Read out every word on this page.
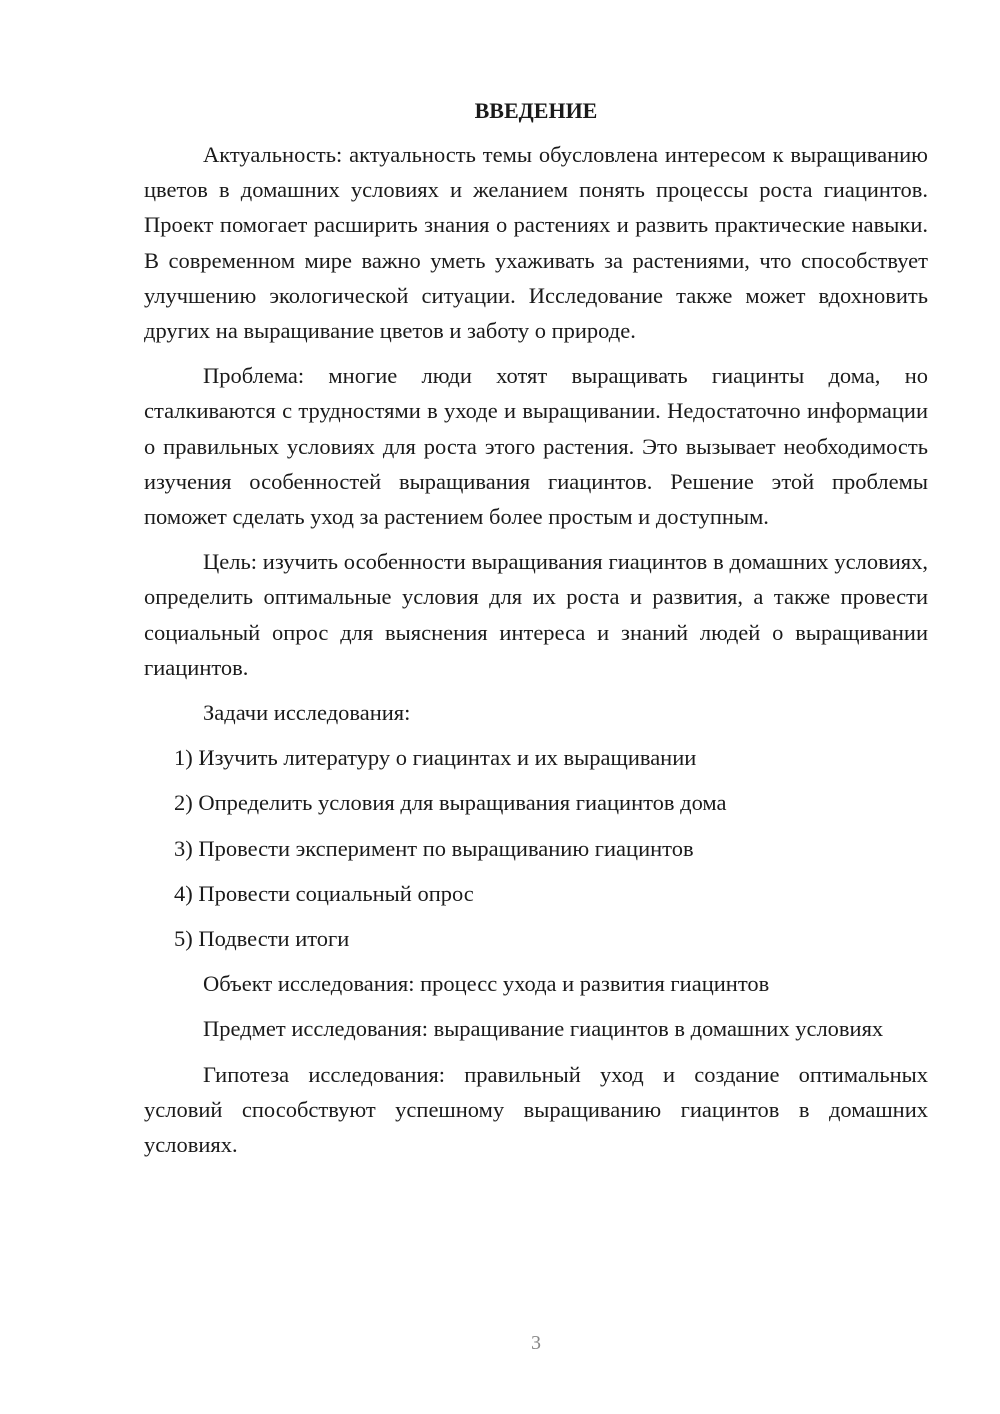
ВВЕДЕНИЕ

Актуальность: актуальность темы обусловлена интересом к выращиванию цветов в домашних условиях и желанием понять процессы роста гиацинтов. Проект помогает расширить знания о растениях и развить практические навыки. В современном мире важно уметь ухаживать за растениями, что способствует улучшению экологической ситуации. Исследование также может вдохновить других на выращивание цветов и заботу о природе.

Проблема: многие люди хотят выращивать гиацинты дома, но сталкиваются с трудностями в уходе и выращивании. Недостаточно информации о правильных условиях для роста этого растения. Это вызывает необходимость изучения особенностей выращивания гиацинтов. Решение этой проблемы поможет сделать уход за растением более простым и доступным.

Цель: изучить особенности выращивания гиацинтов в домашних условиях, определить оптимальные условия для их роста и развития, а также провести социальный опрос для выяснения интереса и знаний людей о выращивании гиацинтов.

Задачи исследования:

1) Изучить литературу о гиацинтах и их выращивании
2) Определить условия для выращивания гиацинтов дома
3) Провести эксперимент по выращиванию гиацинтов
4) Провести социальный опрос
5) Подвести итоги

Объект исследования: процесс ухода и развития гиацинтов

Предмет исследования: выращивание гиацинтов в домашних условиях

Гипотеза исследования: правильный уход и создание оптимальных условий способствуют успешному выращиванию гиацинтов в домашних условиях.

3
